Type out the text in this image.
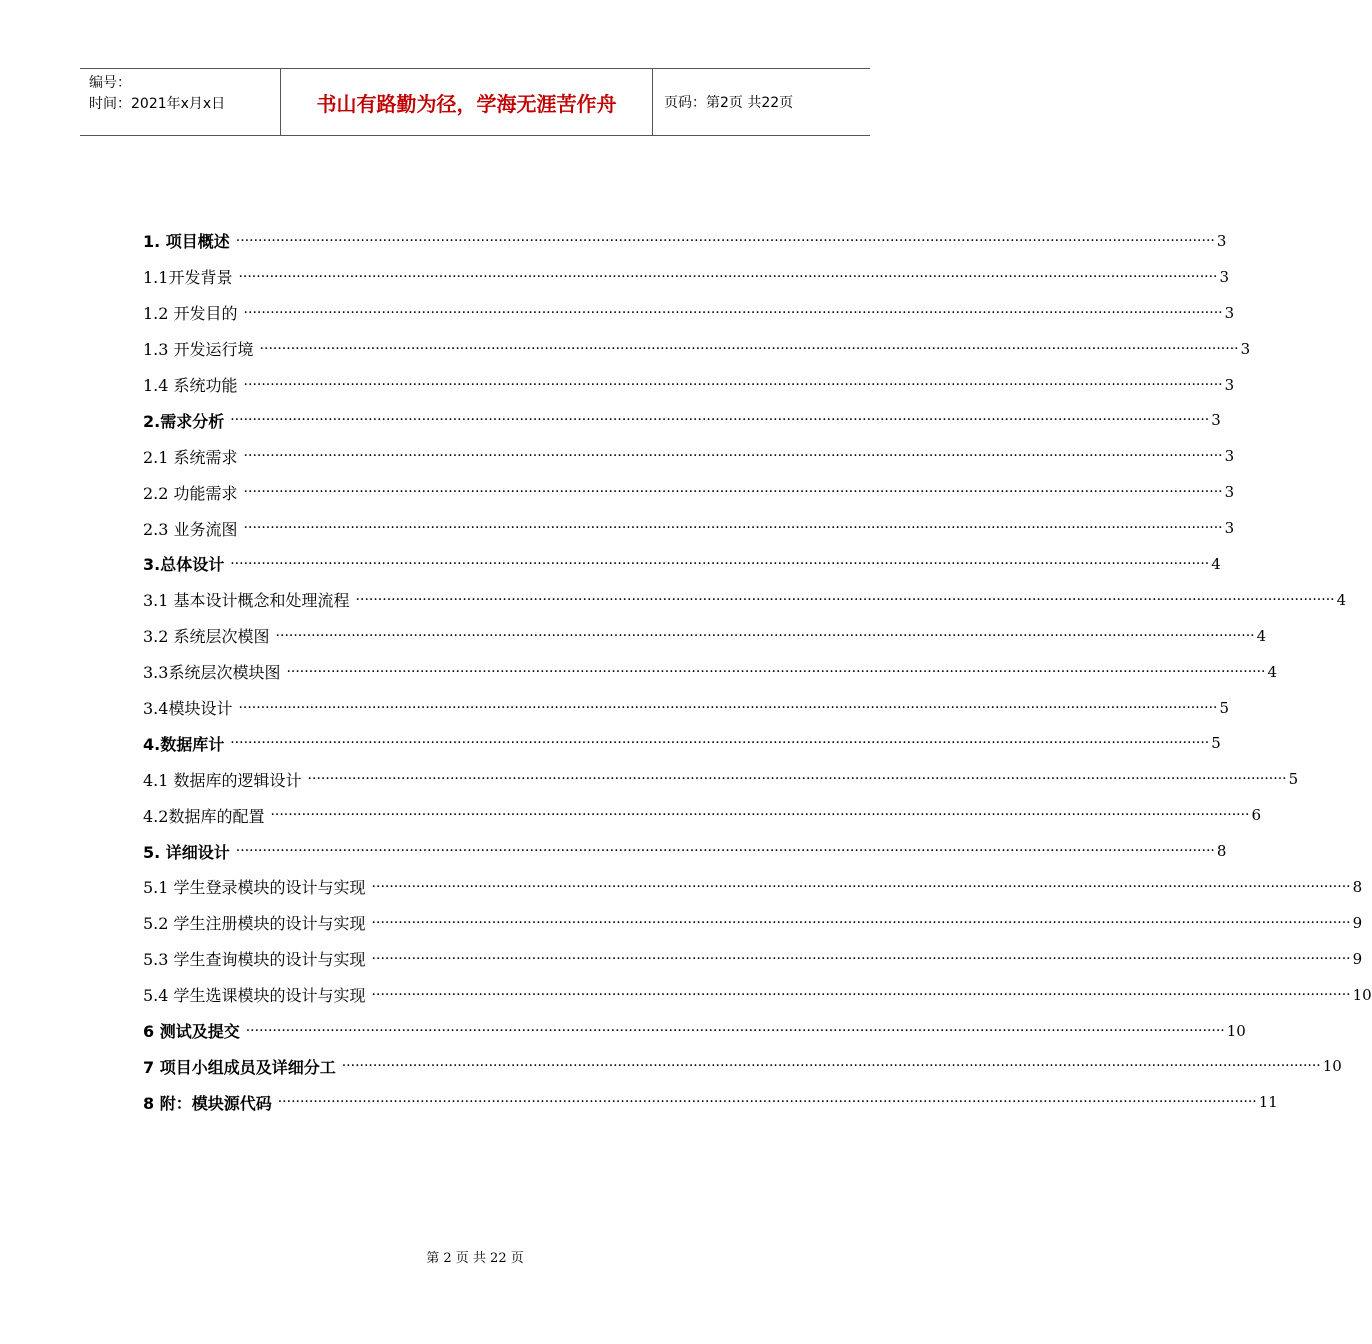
编号：
时间：2021年x月x日	书山有路勤为径，学海无涯苦作舟	页码：第2页 共22页
1. 项目概述 ···························································································································································································································· 3
1.1开发背景 ···························································································································································································································· 3
1.2 开发目的 ···························································································································································································································· 3
1.3 开发运行境 ···························································································································································································································· 3
1.4 系统功能 ···························································································································································································································· 3
2.需求分析 ···························································································································································································································· 3
2.1 系统需求 ···························································································································································································································· 3
2.2 功能需求 ···························································································································································································································· 3
2.3 业务流图 ···························································································································································································································· 3
3.总体设计 ···························································································································································································································· 4
3.1 基本设计概念和处理流程 ···························································································································································································································· 4
3.2 系统层次模图 ···························································································································································································································· 4
3.3系统层次模块图 ···························································································································································································································· 4
3.4模块设计 ···························································································································································································································· 5
4.数据库计 ···························································································································································································································· 5
4.1 数据库的逻辑设计 ···························································································································································································································· 5
4.2数据库的配置 ···························································································································································································································· 6
5. 详细设计 ···························································································································································································································· 8
5.1 学生登录模块的设计与实现 ···························································································································································································································· 8
5.2 学生注册模块的设计与实现 ···························································································································································································································· 9
5.3 学生查询模块的设计与实现 ···························································································································································································································· 9
5.4 学生选课模块的设计与实现 ···························································································································································································································· 10
6 测试及提交 ···························································································································································································································· 10
7 项目小组成员及详细分工 ···························································································································································································································· 10
8 附：模块源代码 ···························································································································································································································· 11
第 2 页 共 22 页
